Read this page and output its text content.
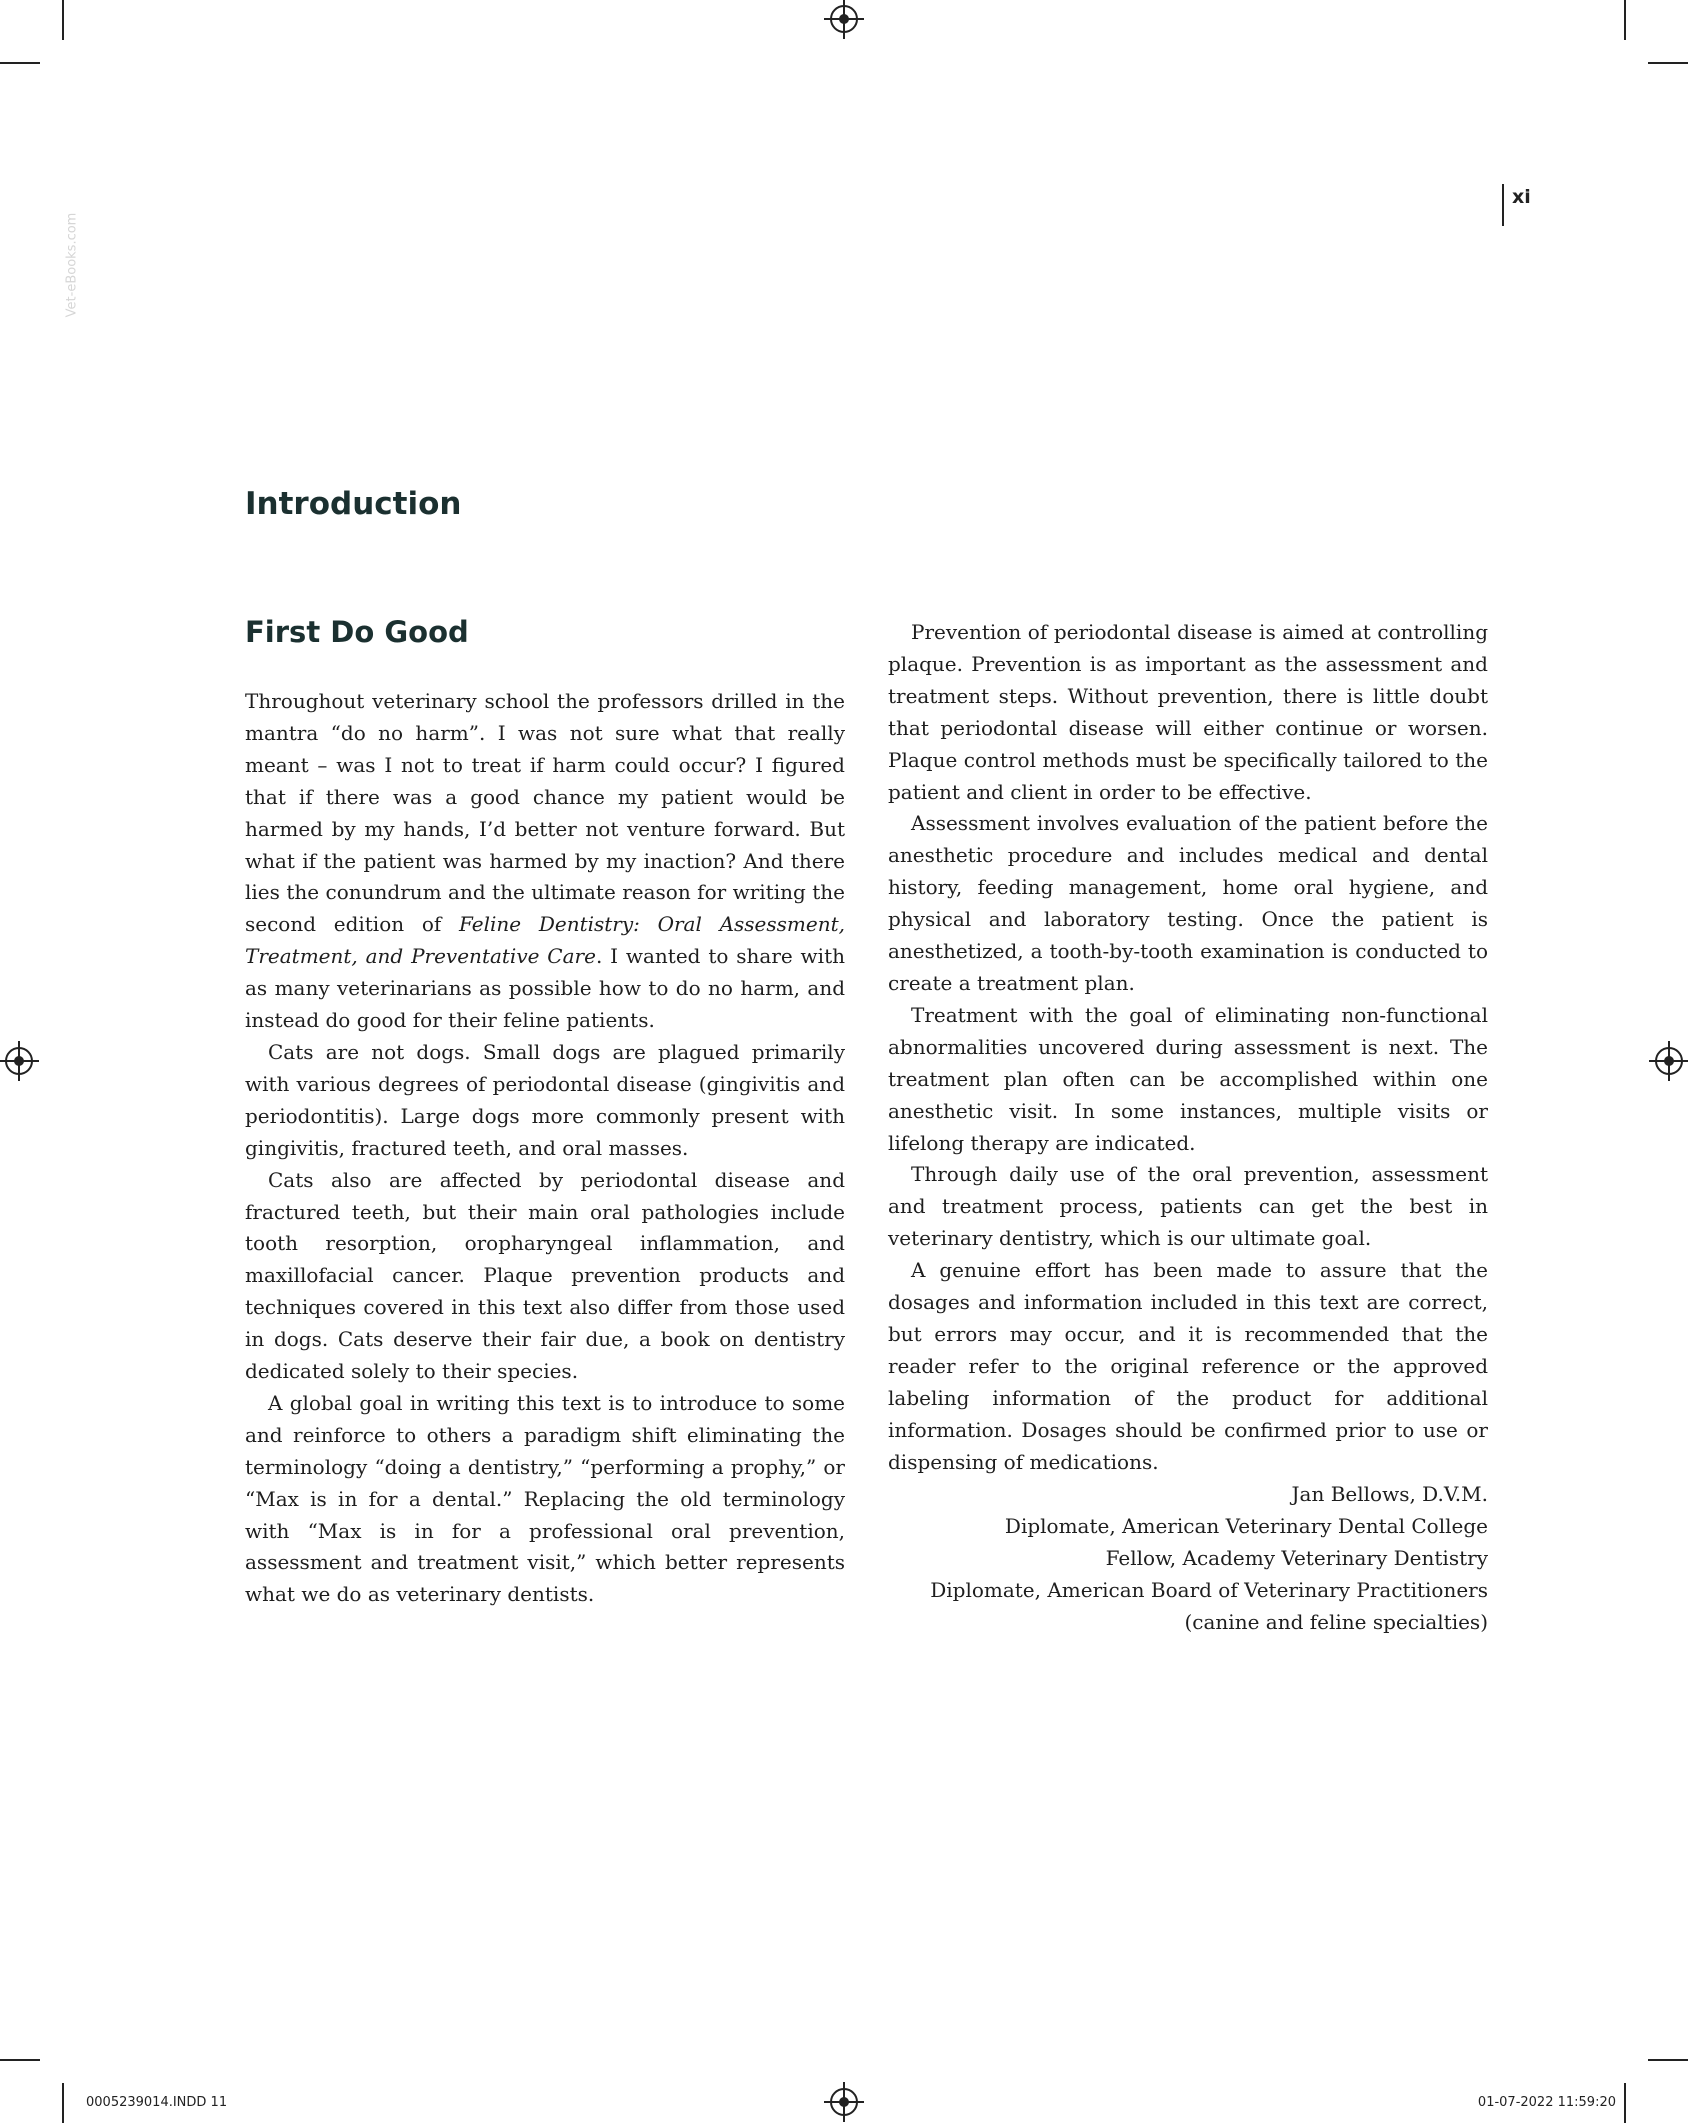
Vet-eBooks.com
xi
Introduction
First Do Good

Throughout veterinary school the professors drilled in the mantra “do no harm”. I was not sure what that really meant – was I not to treat if harm could occur? I figured that if there was a good chance my patient would be harmed by my hands, I’d better not venture forward. But what if the patient was harmed by my inaction? And there lies the conundrum and the ultimate reason for writing the second edition of Feline Dentistry: Oral Assessment, Treatment, and Preventative Care. I wanted to share with as many veterinarians as possible how to do no harm, and instead do good for their feline patients.

Cats are not dogs. Small dogs are plagued primarily with various degrees of periodontal disease (gingivitis and periodontitis). Large dogs more commonly present with gingivitis, fractured teeth, and oral masses.

Cats also are affected by periodontal disease and fractured teeth, but their main oral pathologies include tooth resorption, oropharyngeal inflammation, and maxillofacial cancer. Plaque prevention products and techniques covered in this text also differ from those used in dogs. Cats deserve their fair due, a book on dentistry dedicated solely to their species.

A global goal in writing this text is to introduce to some and reinforce to others a paradigm shift eliminating the terminology “doing a dentistry,” “performing a prophy,” or “Max is in for a dental.” Replacing the old terminology with “Max is in for a professional oral prevention, assessment and treatment visit,” which better represents what we do as veterinary dentists.

Prevention of periodontal disease is aimed at controlling plaque. Prevention is as important as the assessment and treatment steps. Without prevention, there is little doubt that periodontal disease will either continue or worsen. Plaque control methods must be specifically tailored to the patient and client in order to be effective.

Assessment involves evaluation of the patient before the anesthetic procedure and includes medical and dental history, feeding management, home oral hygiene, and physical and laboratory testing. Once the patient is anesthetized, a tooth-by-tooth examination is conducted to create a treatment plan.

Treatment with the goal of eliminating non-functional abnormalities uncovered during assessment is next. The treatment plan often can be accomplished within one anesthetic visit. In some instances, multiple visits or lifelong therapy are indicated.

Through daily use of the oral prevention, assessment and treatment process, patients can get the best in veterinary dentistry, which is our ultimate goal.

A genuine effort has been made to assure that the dosages and information included in this text are correct, but errors may occur, and it is recommended that the reader refer to the original reference or the approved labeling information of the product for additional information. Dosages should be confirmed prior to use or dispensing of medications.

Jan Bellows, D.V.M.
Diplomate, American Veterinary Dental College
Fellow, Academy Veterinary Dentistry
Diplomate, American Board of Veterinary Practitioners
(canine and feline specialties)
0005239014.INDD 11	01-07-2022 11:59:20
